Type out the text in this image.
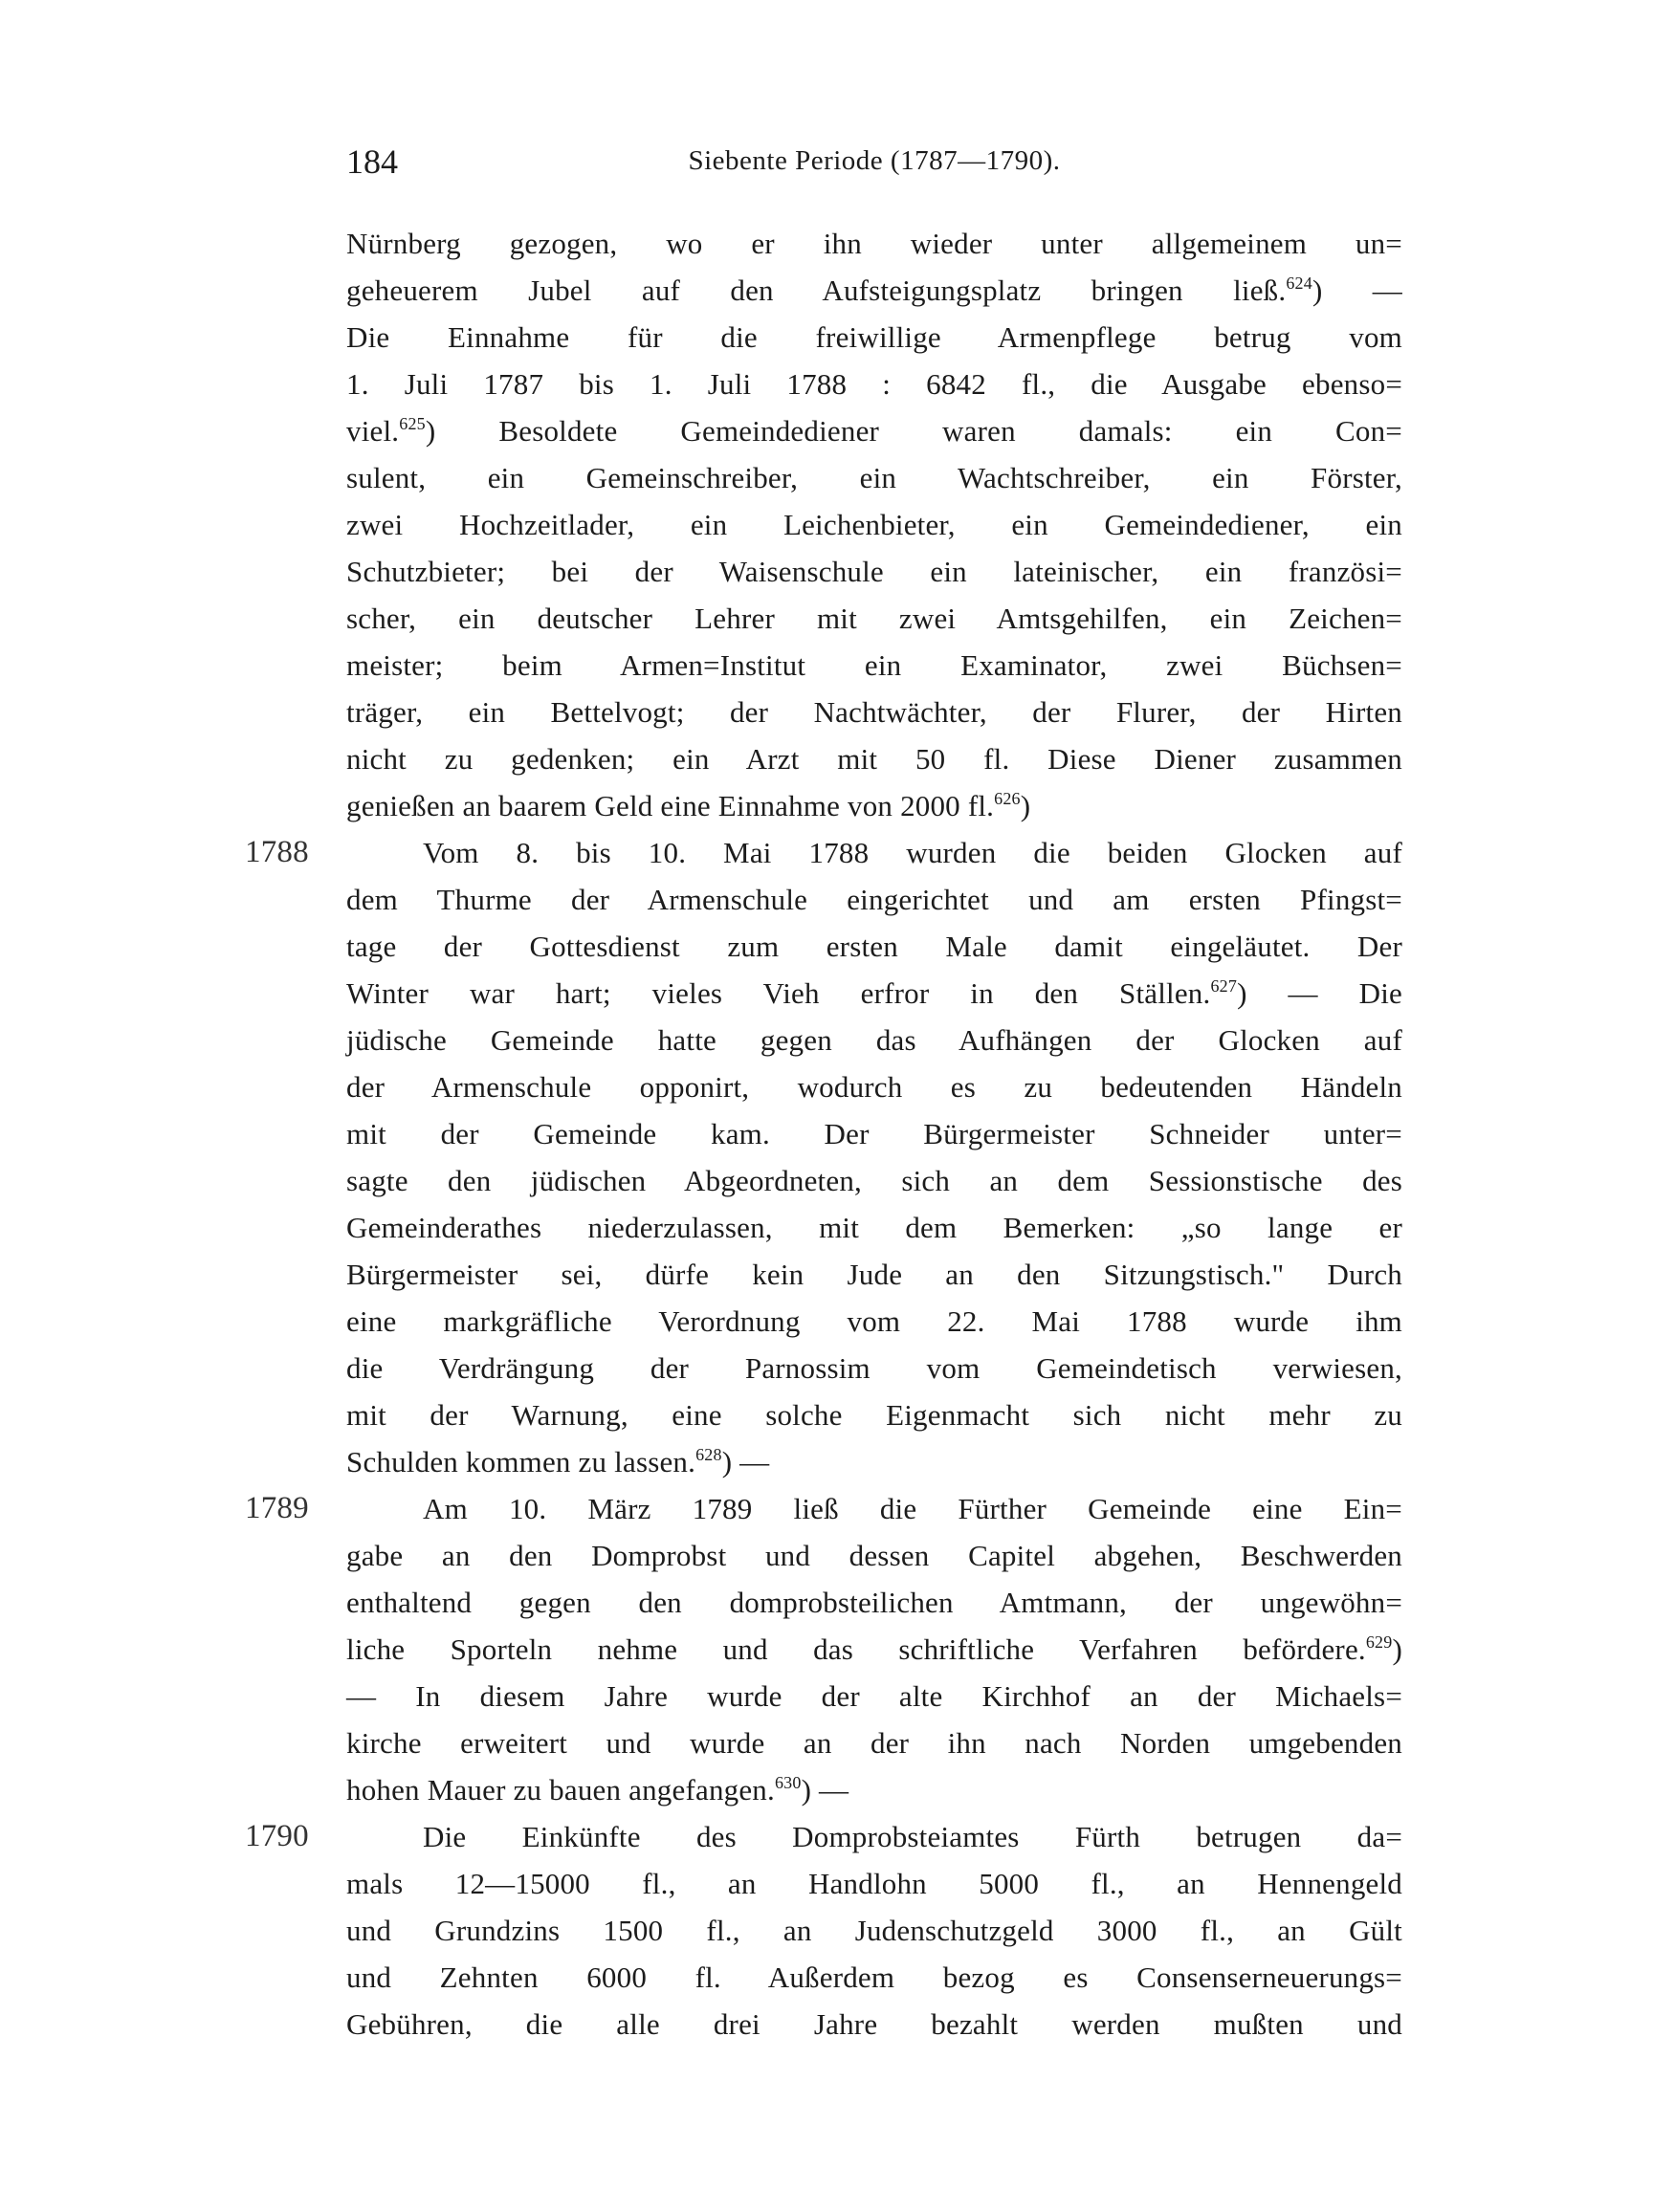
184	Siebente Periode (1787—1790).
Nürnberg gezogen, wo er ihn wieder unter allgemeinem un=
geheuerem Jubel auf den Aufsteigungsplatz bringen ließ.$^{624}$) —
Die Einnahme für die freiwillige Armenpflege betrug vom
1. Juli 1787 bis 1. Juli 1788 : 6842 fl., die Ausgabe ebenso=
viel.$^{625}$) Besoldete Gemeindediener waren damals: ein Con=
sulent, ein Gemeinschreiber, ein Wachtschreiber, ein Förster,
zwei Hochzeitlader, ein Leichenbieter, ein Gemeindediener, ein
Schutzbieter; bei der Waisenschule ein lateinischer, ein französi=
scher, ein deutscher Lehrer mit zwei Amtsgehilfen, ein Zeichen=
meister; beim Armen=Institut ein Examinator, zwei Büchsen=
träger, ein Bettelvogt; der Nachtwächter, der Flurer, der Hirten
nicht zu gedenken; ein Arzt mit 50 fl. Diese Diener zusammen
genießen an baarem Geld eine Einnahme von 2000 fl.$^{626}$)
1788	Vom 8. bis 10. Mai 1788 wurden die beiden Glocken auf
dem Thurme der Armenschule eingerichtet und am ersten Pfingst=
tage der Gottesdienst zum ersten Male damit eingeläutet. Der
Winter war hart; vieles Vieh erfror in den Ställen.$^{627}$) — Die
jüdische Gemeinde hatte gegen das Aufhängen der Glocken auf
der Armenschule opponirt, wodurch es zu bedeutenden Händeln
mit der Gemeinde kam. Der Bürgermeister Schneider unter=
sagte den jüdischen Abgeordneten, sich an dem Sessionstische des
Gemeinderathes niederzulassen, mit dem Bemerken: „so lange er
Bürgermeister sei, dürfe kein Jude an den Sitzungstisch." Durch
eine markgräfliche Verordnung vom 22. Mai 1788 wurde ihm
die Verdrängung der Parnossim vom Gemeindetisch verwiesen,
mit der Warnung, eine solche Eigenmacht sich nicht mehr zu
Schulden kommen zu lassen.$^{628}$) —
1789	Am 10. März 1789 ließ die Fürther Gemeinde eine Ein=
gabe an den Domprobst und dessen Capitel abgehen, Beschwerden
enthaltend gegen den domprobsteilichen Amtmann, der ungewöhn=
liche Sporteln nehme und das schriftliche Verfahren befördere.$^{629}$)
— In diesem Jahre wurde der alte Kirchhof an der Michaels=
kirche erweitert und wurde an der ihn nach Norden umgebenden
hohen Mauer zu bauen angefangen.$^{630}$) —
1790	Die Einkünfte des Domprobsteiamtes Fürth betrugen da=
mals 12—15000 fl., an Handlohn 5000 fl., an Hennengeld
und Grundzins 1500 fl., an Judenschutzgeld 3000 fl., an Gült
und Zehnten 6000 fl. Außerdem bezog es Consenserneuerungs=
Gebühren, die alle drei Jahre bezahlt werden mußten und
